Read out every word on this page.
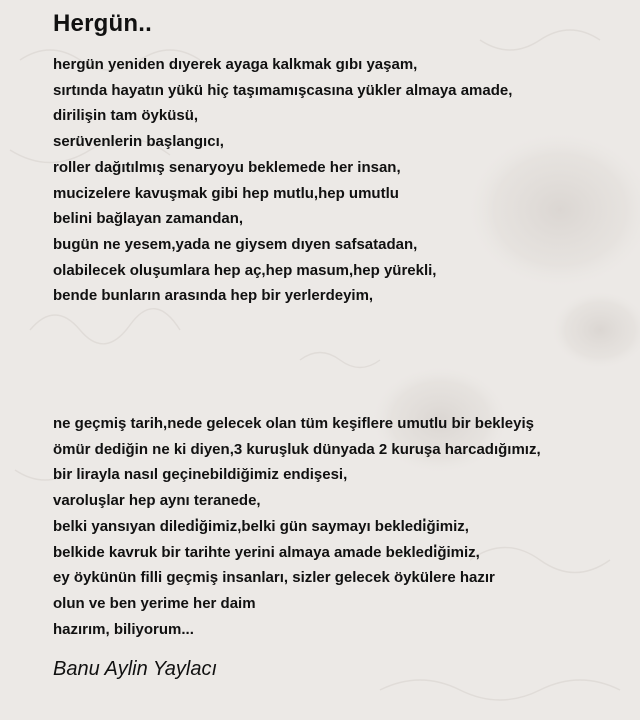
Hergün..
hergün yeniden dıyerek ayaga kalkmak gıbı yaşam,
sırtında hayatın yükü hiç taşımamışcasına yükler almaya amade,
dirilişin tam öyküsü,
serüvenlerin başlangıcı,
roller dağıtılmış senaryoyu beklemede her insan,
mucizelere kavuşmak gibi hep mutlu,hep umutlu
belini bağlayan zamandan,
bugün ne yesem,yada ne giysem dıyen safsatadan,
olabilecek oluşumlara hep aç,hep masum,hep yürekli,
bende bunların arasında hep bir yerlerdeyim,
ne geçmiş tarih,nede gelecek olan tüm keşiflere umutlu bir bekleyiş
ömür dediğin ne ki diyen,3 kuruşluk dünyada 2 kuruşa harcadığımız,
bir lirayla nasıl geçinebildiğimiz endişesi,
varoluşlar hep aynı teranede,
belki yansıyan diledi̇ğimiz,belki gün saymayı bekledi̇ğimiz,
belkide kavruk bir tarihte yerini almaya amade bekledi̇ğimiz,
ey öykünün filli geçmiş insanları, sizler gelecek öykülere hazır
olun ve ben yerime her daim
hazırım, biliyorum...

Banu Aylin Yaylacı
